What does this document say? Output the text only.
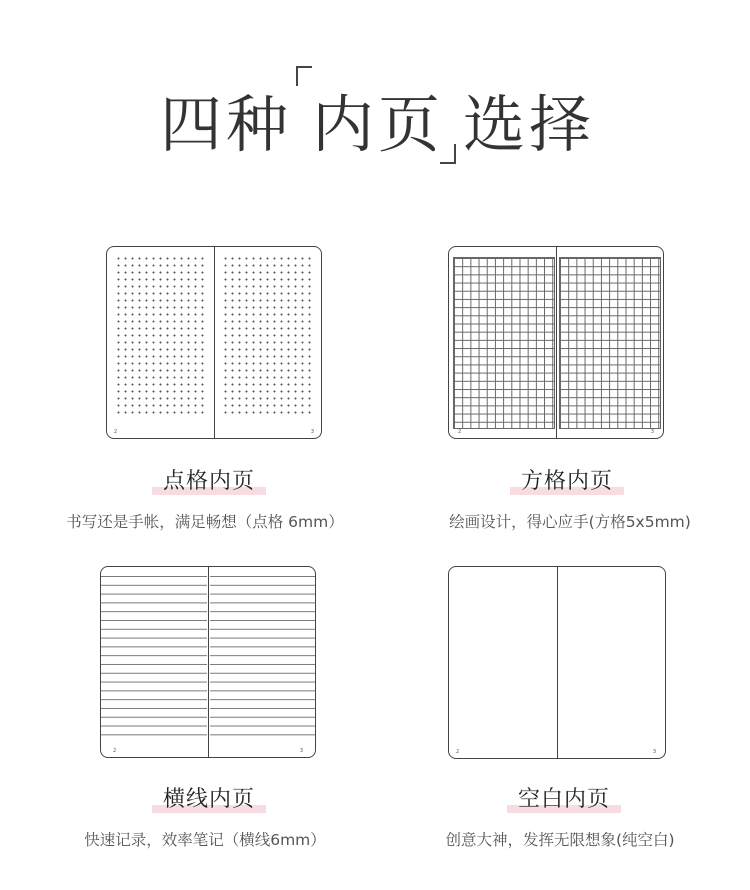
四种 内页 选择
2	3
点格内页
书写还是手帐，满足畅想（点格 6mm）
2	3
方格内页
绘画设计，得心应手(方格5x5mm)
2	3
横线内页
快速记录，效率笔记（横线6mm）
2	3
空白内页
创意大神，发挥无限想象(纯空白)
